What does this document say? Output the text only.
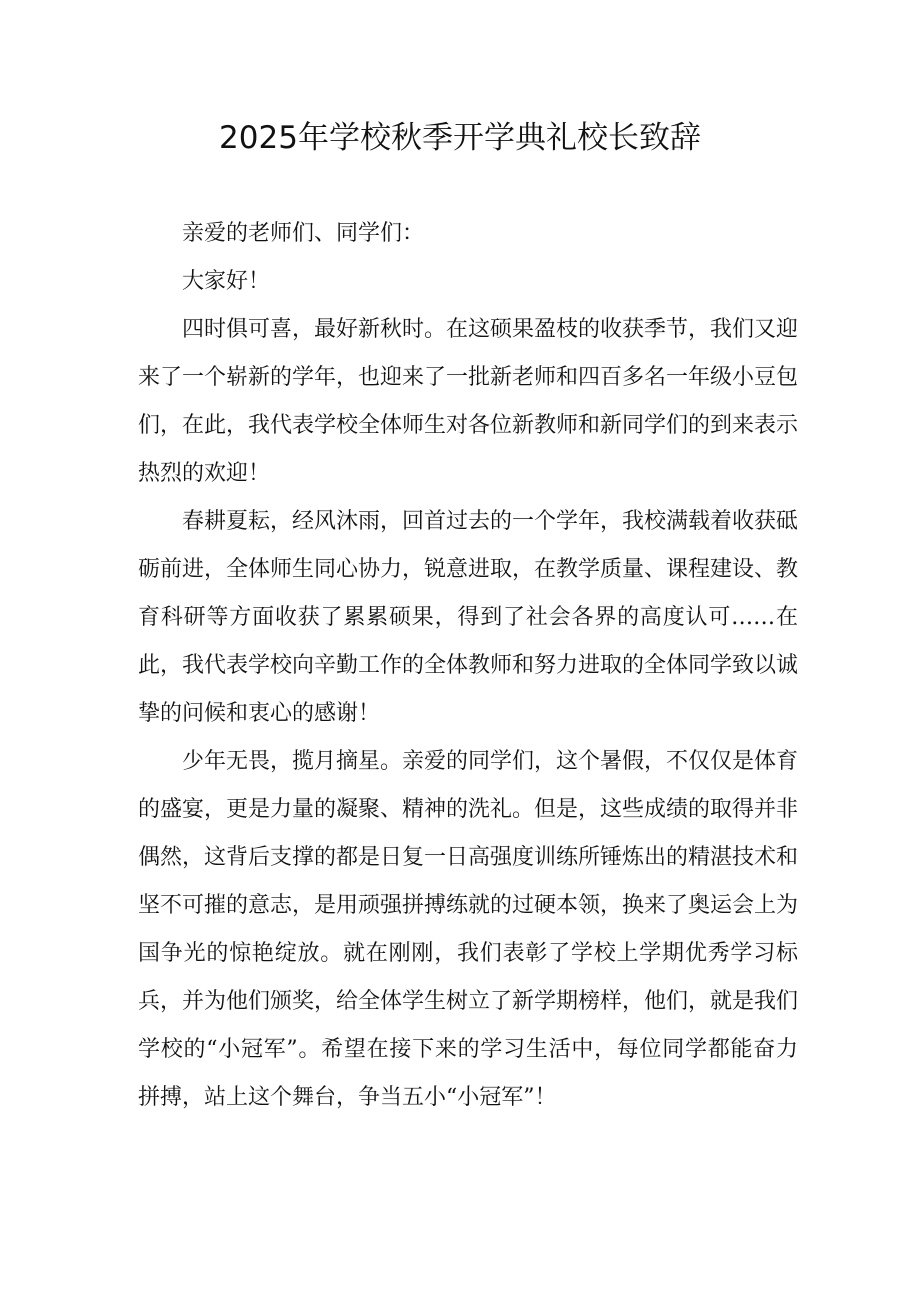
2025年学校秋季开学典礼校长致辞

亲爱的老师们、同学们：

大家好！

四时俱可喜，最好新秋时。在这硕果盈枝的收获季节，我们又迎来了一个崭新的学年，也迎来了一批新老师和四百多名一年级小豆包们，在此，我代表学校全体师生对各位新教师和新同学们的到来表示热烈的欢迎！

春耕夏耘，经风沐雨，回首过去的一个学年，我校满载着收获砥砺前进，全体师生同心协力，锐意进取，在教学质量、课程建设、教育科研等方面收获了累累硕果，得到了社会各界的高度认可……在此，我代表学校向辛勤工作的全体教师和努力进取的全体同学致以诚挚的问候和衷心的感谢！

少年无畏，揽月摘星。亲爱的同学们，这个暑假，不仅仅是体育的盛宴，更是力量的凝聚、精神的洗礼。但是，这些成绩的取得并非偶然，这背后支撑的都是日复一日高强度训练所锤炼出的精湛技术和坚不可摧的意志，是用顽强拼搏练就的过硬本领，换来了奥运会上为国争光的惊艳绽放。就在刚刚，我们表彰了学校上学期优秀学习标兵，并为他们颁奖，给全体学生树立了新学期榜样，他们，就是我们学校的“小冠军”。希望在接下来的学习生活中，每位同学都能奋力拼搏，站上这个舞台，争当五小“小冠军”！
